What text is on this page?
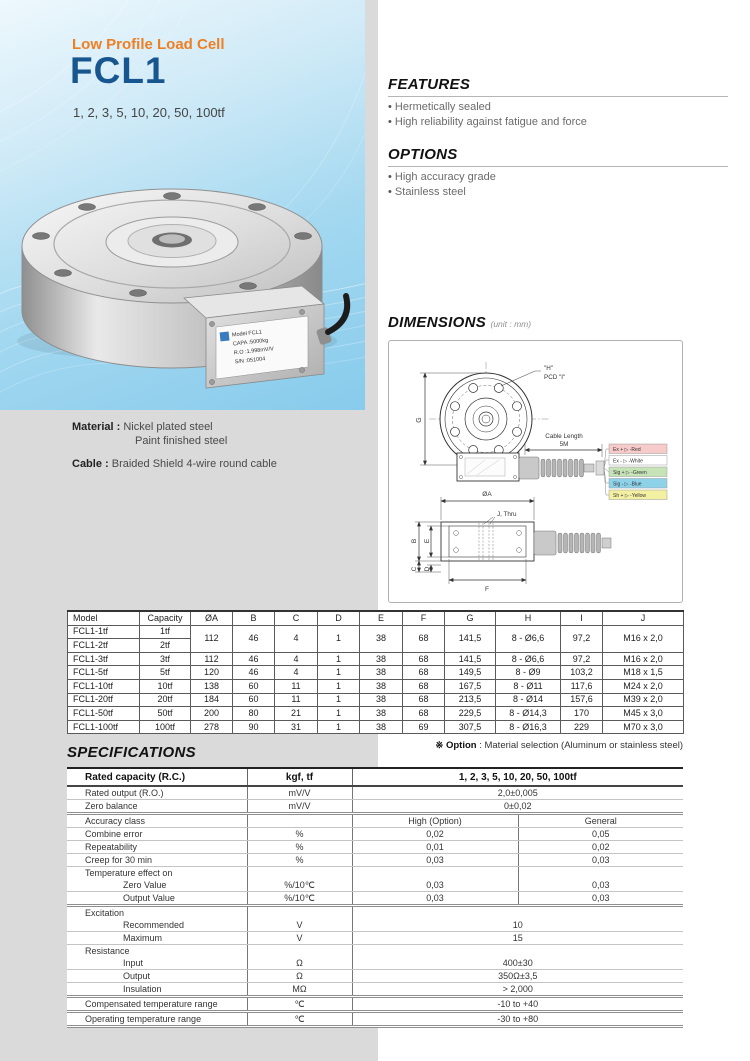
Low Profile Load Cell
FCL1
1, 2, 3, 5, 10, 20, 50, 100tf
Model FCL1
CAPA :5000kg
R.O :1.998mV/V
S/N :051004
Material : Nickel plated steel
Paint finished steel
Cable : Braided Shield 4-wire round cable
FEATURES
• Hermetically sealed
• High reliability against fatigue and force
OPTIONS
• High accuracy grade
• Stainless steel
DIMENSIONS (unit : mm)
G
"H"
PCD "I"
Cable Length
5M
Ex + ▷ -Red
Ex - ▷ -White
Sig + ▷ -Green
Sig - ▷ -Blue
Sh + ▷ -Yellow
ØA
J, Thru
B E
C D
F
Model	Capacity	ØA	B	C	D	E	F	G	H	I	J
FCL1-1tf	1tf	112	46	4	1	38	68	141,5	8 - Ø6,6	97,2	M16 x 2,0
FCL1-2tf	2tf										
FCL1-3tf	3tf	112	46	4	1	38	68	141,5	8 - Ø6,6	97,2	M16 x 2,0
FCL1-5tf	5tf	120	46	4	1	38	68	149,5	8 - Ø9	103,2	M18 x 1,5
FCL1-10tf	10tf	138	60	11	1	38	68	167,5	8 - Ø11	117,6	M24 x 2,0
FCL1-20tf	20tf	184	60	11	1	38	68	213,5	8 - Ø14	157,6	M39 x 2,0
FCL1-50tf	50tf	200	80	21	1	38	68	229,5	8 - Ø14,3	170	M45 x 3,0
FCL1-100tf	100tf	278	90	31	1	38	69	307,5	8 - Ø16,3	229	M70 x 3,0
※ Option : Material selection (Aluminum or stainless steel)
SPECIFICATIONS
Rated capacity (R.C.)	kgf, tf	1, 2, 3, 5, 10, 20, 50, 100tf	
Rated output (R.O.)	mV/V	2,0±0,005	
Zero balance	mV/V	0±0,02	
Accuracy class		High (Option)	General
Combine error	%	0,02	0,05
Repeatability	%	0,01	0,02
Creep for 30 min	%	0,03	0,03
Temperature effect on			
Zero Value	%/10℃	0,03	0,03
Output Value	%/10℃	0,03	0,03
Excitation			
Recommended	V	10	
Maximum	V	15	
Resistance			
Input	Ω	400±30	
Output	Ω	350Ω±3,5	
Insulation	MΩ	> 2,000	
Compensated temperature range	℃	-10 to +40	
Operating temperature range	℃	-30 to +80	
